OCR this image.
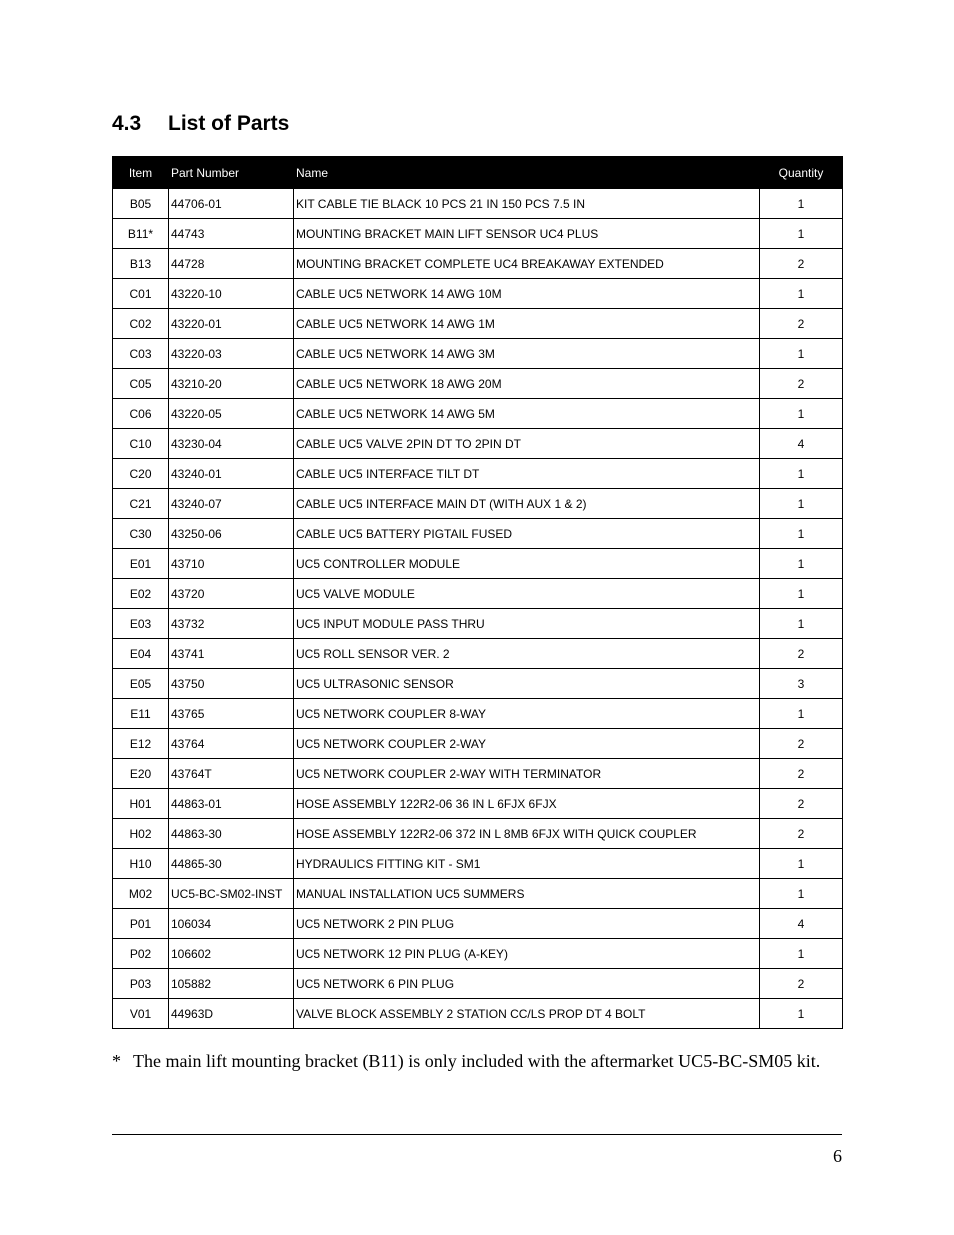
4.3 List of Parts
Item	Part Number	Name	Quantity
B05	44706-01	KIT CABLE TIE BLACK 10 PCS 21 IN 150 PCS 7.5 IN	1
B11*	44743	MOUNTING BRACKET MAIN LIFT SENSOR UC4 PLUS	1
B13	44728	MOUNTING BRACKET COMPLETE UC4 BREAKAWAY EXTENDED	2
C01	43220-10	CABLE UC5 NETWORK 14 AWG 10M	1
C02	43220-01	CABLE UC5 NETWORK 14 AWG 1M	2
C03	43220-03	CABLE UC5 NETWORK 14 AWG 3M	1
C05	43210-20	CABLE UC5 NETWORK 18 AWG 20M	2
C06	43220-05	CABLE UC5 NETWORK 14 AWG 5M	1
C10	43230-04	CABLE UC5 VALVE 2PIN DT TO 2PIN DT	4
C20	43240-01	CABLE UC5 INTERFACE TILT DT	1
C21	43240-07	CABLE UC5 INTERFACE MAIN DT (WITH AUX 1 & 2)	1
C30	43250-06	CABLE UC5 BATTERY PIGTAIL FUSED	1
E01	43710	UC5 CONTROLLER MODULE	1
E02	43720	UC5 VALVE MODULE	1
E03	43732	UC5 INPUT MODULE PASS THRU	1
E04	43741	UC5 ROLL SENSOR VER. 2	2
E05	43750	UC5 ULTRASONIC SENSOR	3
E11	43765	UC5 NETWORK COUPLER 8-WAY	1
E12	43764	UC5 NETWORK COUPLER 2-WAY	2
E20	43764T	UC5 NETWORK COUPLER 2-WAY WITH TERMINATOR	2
H01	44863-01	HOSE ASSEMBLY 122R2-06 36 IN L 6FJX 6FJX	2
H02	44863-30	HOSE ASSEMBLY 122R2-06 372 IN L 8MB 6FJX WITH QUICK COUPLER	2
H10	44865-30	HYDRAULICS FITTING KIT - SM1	1
M02	UC5-BC-SM02-INST	MANUAL INSTALLATION UC5 SUMMERS	1
P01	106034	UC5 NETWORK 2 PIN PLUG	4
P02	106602	UC5 NETWORK 12 PIN PLUG (A-KEY)	1
P03	105882	UC5 NETWORK 6 PIN PLUG	2
V01	44963D	VALVE BLOCK ASSEMBLY 2 STATION CC/LS PROP DT 4 BOLT	1
* The main lift mounting bracket (B11) is only included with the aftermarket UC5-BC-SM05 kit.
6
